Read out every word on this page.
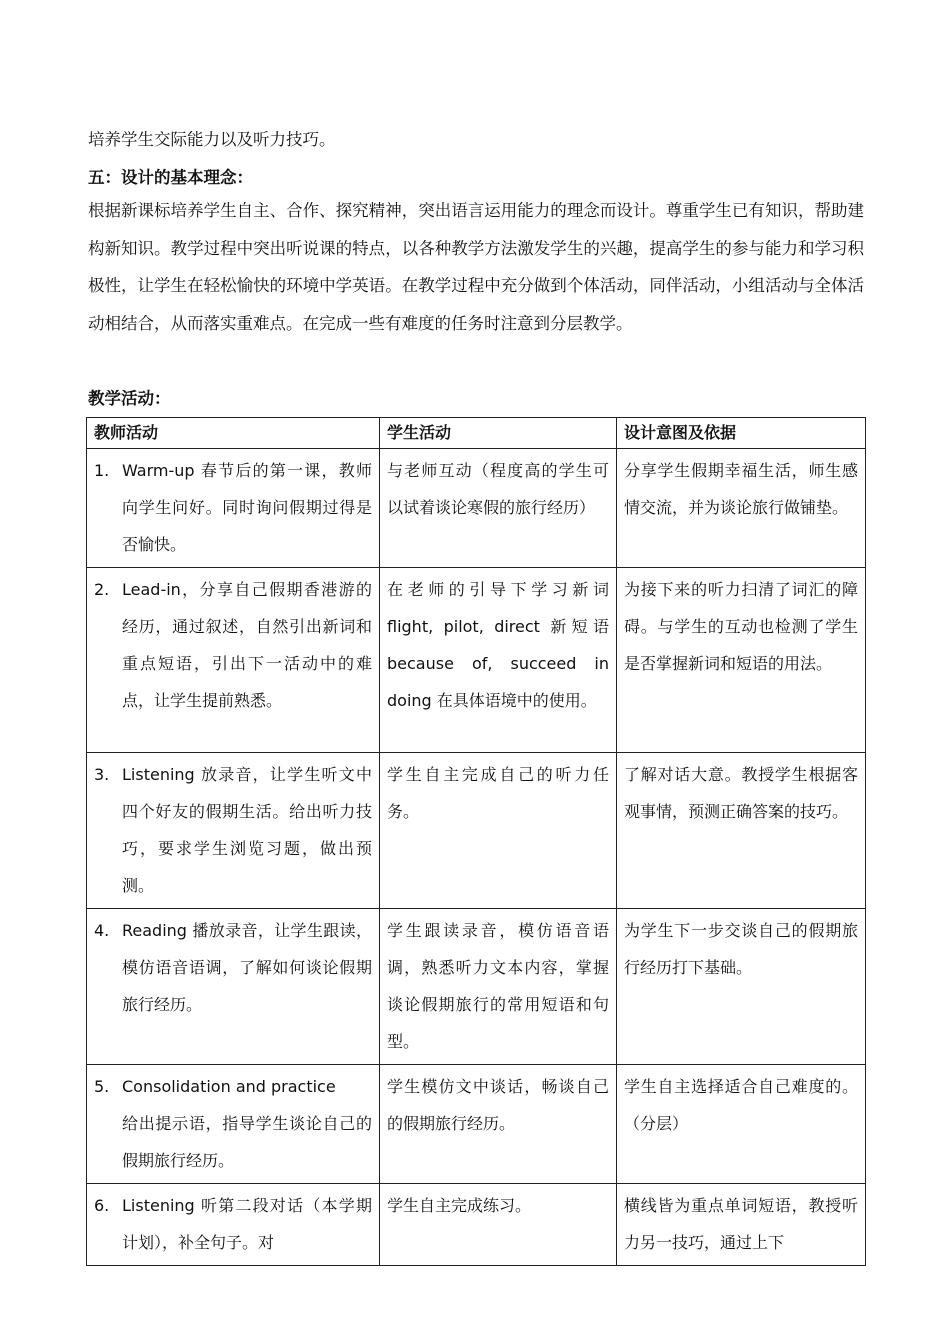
培养学生交际能力以及听力技巧。
五：设计的基本理念：
根据新课标培养学生自主、合作、探究精神，突出语言运用能力的理念而设计。尊重学生已有知识，帮助建构新知识。教学过程中突出听说课的特点，以各种教学方法激发学生的兴趣，提高学生的参与能力和学习积极性，让学生在轻松愉快的环境中学英语。在教学过程中充分做到个体活动，同伴活动，小组活动与全体活动相结合，从而落实重难点。在完成一些有难度的任务时注意到分层教学。
教学活动：
教师活动	学生活动	设计意图及依据

1. Warm-up 春节后的第一课，教师向学生问好。同时询问假期过得是否愉快。	与老师互动（程度高的学生可以试着谈论寒假的旅行经历）	分享学生假期幸福生活，师生感情交流，并为谈论旅行做铺垫。

2. Lead-in，分享自己假期香港游的经历，通过叙述，自然引出新词和重点短语，引出下一活动中的难点，让学生提前熟悉。	在老师的引导下学习新词 flight, pilot, direct 新短语 because of, succeed in doing 在具体语境中的使用。	为接下来的听力扫清了词汇的障碍。与学生的互动也检测了学生是否掌握新词和短语的用法。

3. Listening 放录音，让学生听文中四个好友的假期生活。给出听力技巧，要求学生浏览习题，做出预测。	学生自主完成自己的听力任务。	了解对话大意。教授学生根据客观事情，预测正确答案的技巧。

4. Reading 播放录音，让学生跟读，模仿语音语调，了解如何谈论假期旅行经历。	学生跟读录音，模仿语音语调，熟悉听力文本内容，掌握谈论假期旅行的常用短语和句型。	为学生下一步交谈自己的假期旅行经历打下基础。

5. Consolidation and practice
给出提示语，指导学生谈论自己的假期旅行经历。	学生模仿文中谈话，畅谈自己的假期旅行经历。	学生自主选择适合自己难度的。（分层）

6. Listening 听第二段对话（本学期计划），补全句子。对	学生自主完成练习。	横线皆为重点单词短语，教授听力另一技巧，通过上下
